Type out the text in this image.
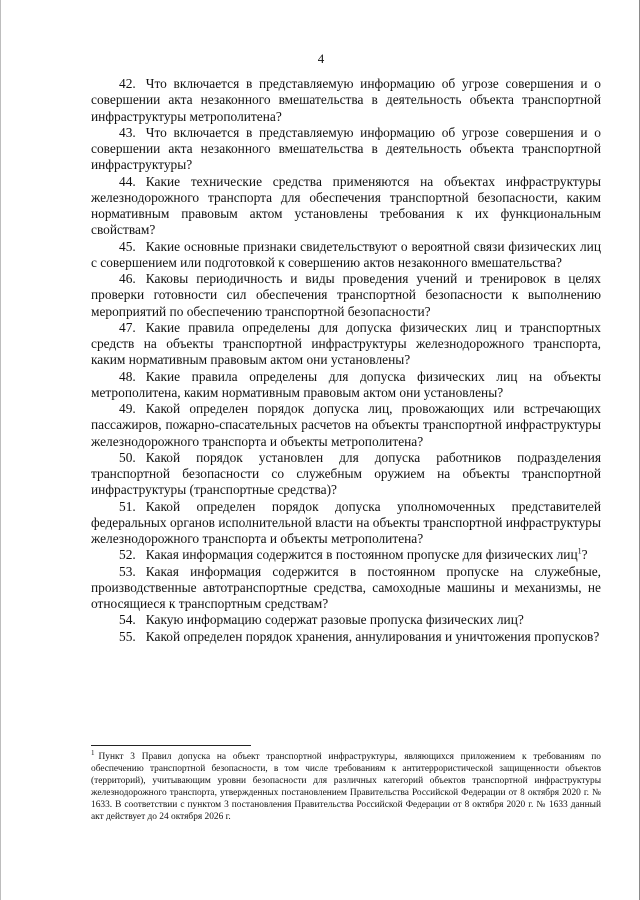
4

42. Что включается в представляемую информацию об угрозе совершения и о совершении акта незаконного вмешательства в деятельность объекта транспортной инфраструктуры метрополитена?

43. Что включается в представляемую информацию об угрозе совершения и о совершении акта незаконного вмешательства в деятельность объекта транспортной инфраструктуры?

44. Какие технические средства применяются на объектах инфраструктуры железнодорожного транспорта для обеспечения транспортной безопасности, каким нормативным правовым актом установлены требования к их функциональным свойствам?

45. Какие основные признаки свидетельствуют о вероятной связи физических лиц с совершением или подготовкой к совершению актов незаконного вмешательства?

46. Каковы периодичность и виды проведения учений и тренировок в целях проверки готовности сил обеспечения транспортной безопасности к выполнению мероприятий по обеспечению транспортной безопасности?

47. Какие правила определены для допуска физических лиц и транспортных средств на объекты транспортной инфраструктуры железнодорожного транспорта, каким нормативным правовым актом они установлены?

48. Какие правила определены для допуска физических лиц на объекты метрополитена, каким нормативным правовым актом они установлены?

49. Какой определен порядок допуска лиц, провожающих или встречающих пассажиров, пожарно-спасательных расчетов на объекты транспортной инфраструктуры железнодорожного транспорта и объекты метрополитена?

50. Какой порядок установлен для допуска работников подразделения транспортной безопасности со служебным оружием на объекты транспортной инфраструктуры (транспортные средства)?

51. Какой определен порядок допуска уполномоченных представителей федеральных органов исполнительной власти на объекты транспортной инфраструктуры железнодорожного транспорта и объекты метрополитена?

52. Какая информация содержится в постоянном пропуске для физических лиц$^1$?

53. Какая информация содержится в постоянном пропуске на служебные, производственные автотранспортные средства, самоходные машины и механизмы, не относящиеся к транспортным средствам?

54. Какую информацию содержат разовые пропуска физических лиц?

55. Какой определен порядок хранения, аннулирования и уничтожения пропусков?

$^1$ Пункт 3 Правил допуска на объект транспортной инфраструктуры, являющихся приложением к требованиям по обеспечению транспортной безопасности, в том числе требованиям к антитеррористической защищенности объектов (территорий), учитывающим уровни безопасности для различных категорий объектов транспортной инфраструктуры железнодорожного транспорта, утвержденных постановлением Правительства Российской Федерации от 8 октября 2020 г. № 1633. В соответствии с пунктом 3 постановления Правительства Российской Федерации от 8 октября 2020 г. № 1633 данный акт действует до 24 октября 2026 г.
